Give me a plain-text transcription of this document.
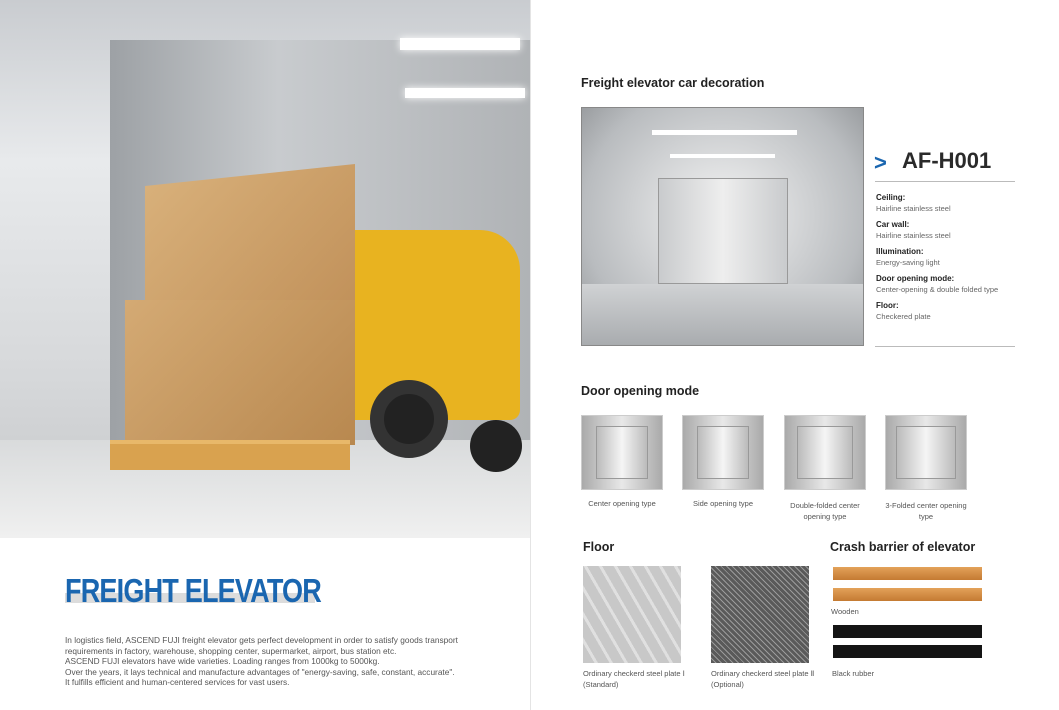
FREIGHT ELEVATOR
In logistics field, ASCEND FUJI freight elevator gets perfect development in order to satisfy goods transport
requirements in factory, warehouse, shopping center, supermarket, airport, bus station etc.
ASCEND FUJI elevators have wide varieties. Loading ranges from 1000kg to 5000kg.
Over the years, it lays technical and manufacture advantages of "energy-saving, safe, constant, accurate".
It fulfills efficient and human-centered services for vast users.
Freight elevator car decoration
> AF-H001
Ceiling:
Hairline stainless steel
Car wall:
Hairline stainless steel
Illumination:
Energy-saving light
Door opening mode:
Center-opening & double folded type
Floor:
Checkered plate
Door opening mode
Center opening type	Side opening type	Double-folded center opening type
3-Folded center opening type
Floor
Ordinary checkerd steel plate Ⅰ
(Standard)
Ordinary checkerd steel plate Ⅱ
(Optional)
Crash barrier of elevator
Wooden
Black rubber
